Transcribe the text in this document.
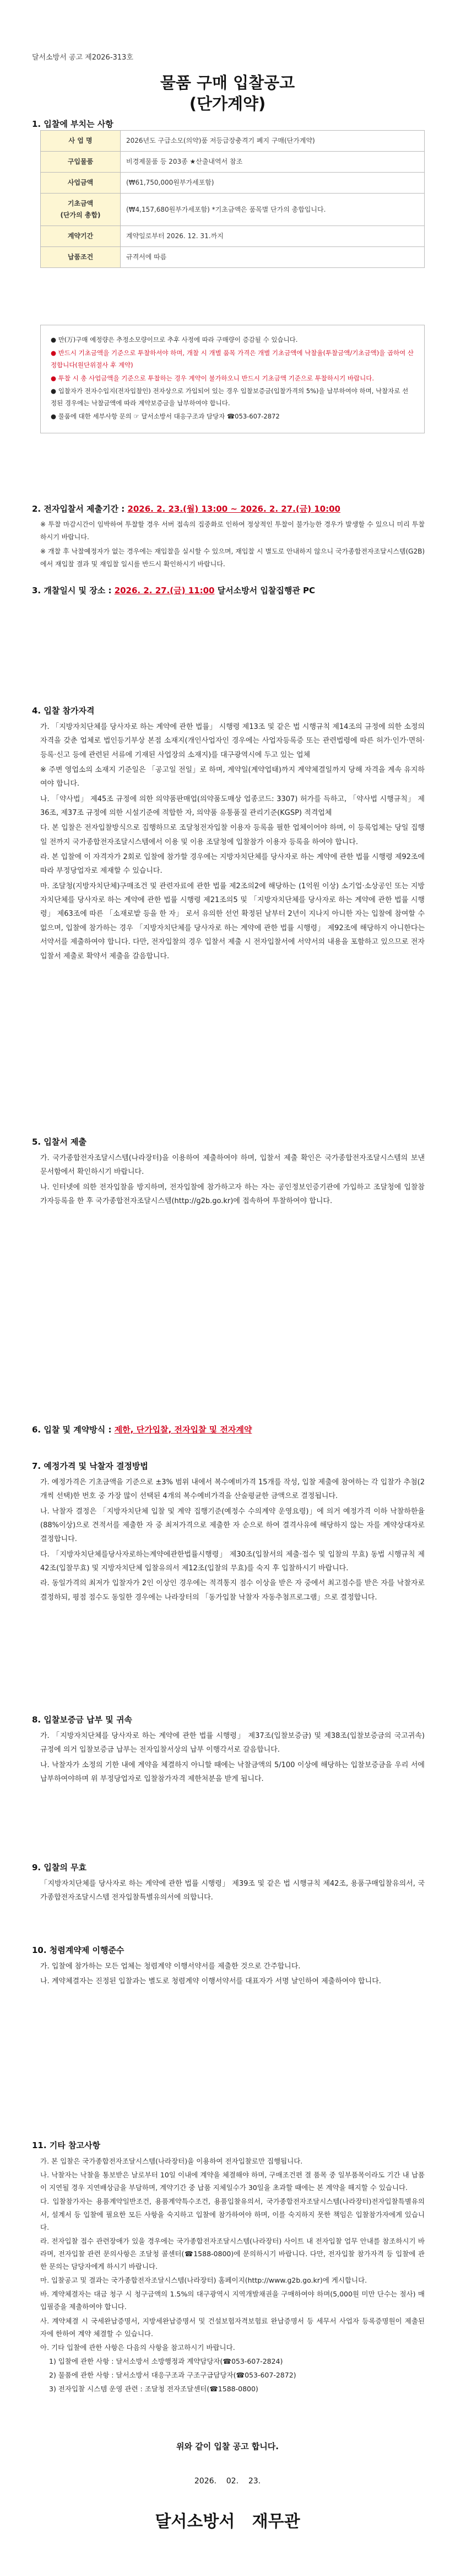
달서소방서 공고 제2026-313호
물품 구매 입찰공고
(단가계약)
1. 입찰에 부치는 사항
사 업 명	2026년도 구급소모(의약)품 저등급장충격기 폐지 구매(단가계약)
구입물품	비경제물품 등 203종 ★산출내역서 참조
사업금액	(₩61,750,000원부가세포함)
기초금액
(단가의 총합)	(₩4,157,680원부가세포함) *기초금액은 품목별 단가의 총합입니다.
계약기간	계약일로부터 2026. 12. 31.까지
납품조건	규격서에 따름

● 만(万)구매 예정량은 추정소모량이므로 추후 사정에 따라 구매량이 증감될 수 있습니다.

● 반드시 기초금액을 기준으로 투찰하셔야 하며, 개찰 시 개별 품목 가격은 개별 기초금액에 낙찰율(투찰금액/기초금액)을 곱하여 산정합니다(원단위절사 후 계약)

● 투찰 시 총 사업금액을 기준으로 투찰하는 경우 계약이 불가하오니 반드시 기초금액 기준으로 투찰하시기 바랍니다.

● 입찰자가 전자수입지(전자입찰인) 전자상으로 가입되어 있는 경우 입찰보증금(입찰가격의 5%)을 납부하여야 하며, 낙찰자로 선정된 경우에는 낙찰금액에 따라 계약보증금을 납부하여야 합니다.

● 물품에 대한 세부사항 문의 ☞ 달서소방서 대응구조과 담당자 ☎053-607-2872

2. 전자입찰서 제출기간 : 2026. 2. 23.(월) 13:00 ~ 2026. 2. 27.(금) 10:00

※ 투찰 마감시간이 임박하여 투찰할 경우 서버 접속의 집중화로 인하여 정상적인 투찰이 불가능한 경우가 발생할 수 있으니 미리 투찰하시기 바랍니다.

※ 개찰 후 낙찰예정자가 없는 경우에는 재입찰을 실시할 수 있으며, 재입찰 시 별도로 안내하지 않으니 국가종합전자조달시스템(G2B)에서 재입찰 결과 및 재입찰 일시를 반드시 확인하시기 바랍니다.

3. 개찰일시 및 장소 : 2026. 2. 27.(금) 11:00 달서소방서 입찰집행관 PC
4. 입찰 참가자격

가. 「지방자치단체를 당사자로 하는 계약에 관한 법률」 시행령 제13조 및 같은 법 시행규칙 제14조의 규정에 의한 소정의 자격을 갖춘 업체로 법인등기부상 본점 소재지(개인사업자인 경우에는 사업자등록증 또는 관련법령에 따른 허가·인가·면허·등록·신고 등에 관련된 서류에 기재된 사업장의 소재지)를 대구광역시에 두고 있는 업체

※ 주변 영업소의 소재지 기준일은 「공고일 전일」로 하며, 계약일(계약업태)까지 계약체결일까지 당해 자격을 계속 유지하여야 합니다.

나. 「약사법」 제45조 규정에 의한 의약품판매업(의약품도매상 업종코드: 3307) 허가를 득하고, 「약사법 시행규칙」 제36조, 제37조 규정에 의한 시설기준에 적합한 자, 의약품 유통품질 관리기준(KGSP) 적격업체

다. 본 입찰은 전자입찰방식으로 집행하므로 조달청전자입찰 이용자 등록을 필한 업체이어야 하며, 이 등록업체는 당일 집행일 전까지 국가종합전자조달시스템에서 이용 및 이용 조달청에 입찰참가 이용자 등록을 하여야 합니다.

라. 본 입찰에 이 자격자가 2회로 입찰에 참가할 경우에는 지방자치단체를 당사자로 하는 계약에 관한 법률 시행령 제92조에 따라 부정당업자로 제재할 수 있습니다.

마. 조달청(지방자치단체)구매조건 및 관련자료에 관한 법률 제2조의2에 해당하는 (1억원 이상) 소기업·소상공인 또는 지방자치단체를 당사자로 하는 계약에 관한 법률 시행령 제21조의5 및 「지방자치단체를 당사자로 하는 계약에 관한 법률 시행령」 제63조에 따른 「소재로밭 등을 한 자」 로서 유의한 선언 확정된 날부터 2년이 지나지 아니한 자는 입찰에 참여할 수 없으며, 입찰에 참가하는 경우 「지방자치단체를 당사자로 하는 계약에 관한 법률 시행령」 제92조에 해당하지 아니한다는 서약서를 제출하여야 합니다. 다만, 전자입찰의 경우 입찰서 제출 시 전자입찰서에 서약서의 내용을 포함하고 있으므로 전자입찰서 제출로 확약서 제출을 갈음합니다.

5. 입찰서 제출

가. 국가종합전자조달시스템(나라장터)을 이용하여 제출하여야 하며, 입찰서 제출 확인은 국가종합전자조달시스템의 보낸 문서함에서 확인하시기 바랍니다.

나. 인터넷에 의한 전자입찰을 방지하며, 전자입찰에 참가하고자 하는 자는 공인정보인증기관에 가입하고 조달청에 입찰참가자등록을 한 후 국가종합전자조달시스템(http://g2b.go.kr)에 접속하여 투찰하여야 합니다.

6. 입찰 및 계약방식 : 제한, 단가입찰, 전자입찰 및 전자계약
7. 예정가격 및 낙찰자 결정방법

가. 예정가격은 기초금액을 기준으로 ±3% 범위 내에서 복수예비가격 15개를 작성, 입찰 제출에 참여하는 각 입찰가 추첨(2개씩 선택)한 번호 중 가장 많이 선택된 4개의 복수예비가격을 산술평균한 금액으로 결정됩니다.

나. 낙찰자 결정은 「지방자치단체 입찰 및 계약 집행기준(예정수 수의계약 운영요령)」에 의거 예정가격 이하 낙찰하한율(88%이상)으로 견적서를 제출한 자 중 최저가격으로 제출한 자 순으로 하여 결격사유에 해당하지 않는 자를 계약상대자로 결정합니다.

다. 「지방자치단체를당사자로하는계약에관한법률시행령」 제30조(입찰서의 제출·접수 및 입찰의 무효) 동법 시행규칙 제42조(입찰무효) 및 지방자치단체 입찰유의서 제12조(입찰의 무효)를 숙지 후 입찰하시기 바랍니다.

라. 동일가격의 최저가 입찰자가 2인 이상인 경우에는 적격통지 점수 이상을 받은 자 중에서 최고점수를 받은 자를 낙찰자로 결정하되, 평점 점수도 동일한 경우에는 나라장터의 「동가입찰 낙찰자 자동추첨프로그램」으로 결정합니다.

8. 입찰보증금 납부 및 귀속

가. 「지방자치단체를 당사자로 하는 계약에 관한 법률 시행령」 제37조(입찰보증금) 및 제38조(입찰보증금의 국고귀속) 규정에 의거 입찰보증금 납부는 전자입찰서상의 납부 이행각서로 갈음합니다.

나. 낙찰자가 소정의 기한 내에 계약을 체결하지 아니할 때에는 낙찰금액의 5/100 이상에 해당하는 입찰보증금을 우리 서에 납부하여야하며 위 부정당업자로 입찰참가자격 제한처분을 받게 됩니다.

9. 입찰의 무효

「지방자치단체를 당사자로 하는 계약에 관한 법률 시행령」 제39조 및 같은 법 시행규칙 제42조, 용품구매입찰유의서, 국가종합전자조달시스템 전자입찰특별유의서에 의합니다.

10. 청렴계약제 이행준수

가. 입찰에 참가하는 모든 업체는 청렴계약 이행서약서를 제출한 것으로 간주합니다.

나. 계약체결자는 진정된 입찰과는 별도로 청렴계약 이행서약서를 대표자가 서명 날인하여 제출하여야 합니다.

11. 기타 참고사항

가. 본 입찰은 국가종합전자조달시스템(나라장터)을 이용하여 전자입찰로만 집행됩니다.

나. 낙찰자는 낙찰을 통보받은 날로부터 10일 이내에 계약을 체결해야 하며, 구매조건편 결 품목 중 일부품목이라도 기간 내 납품이 지연될 경우 지연배상금을 부담하며, 계약기간 중 납품 지체일수가 30일을 초과할 때에는 본 계약을 해지할 수 있습니다.

다. 입찰참가자는 용품계약일반조건, 용품계약특수조건, 용품입찰유의서, 국가종합전자조달시스템(나라장터)전자입찰특별유의서, 설계서 등 입찰에 필요한 모든 사항을 숙지하고 입찰에 참가하여야 하며, 이를 숙지하지 못한 책임은 입찰참가자에게 있습니다.

라. 전자입찰 접수 관련장애가 있을 경우에는 국가종합전자조달시스템(나라장터) 사이트 내 전자입찰 업무 안내를 참조하시기 바라며, 전자입찰 관련 문의사항은 조달청 콜센터(☎1588-0800)에 문의하시기 바랍니다. 다만, 전자입찰 참가자격 등 입찰에 관한 문의는 담당자에게 하시기 바랍니다.

마. 입찰공고 및 결과는 국가종합전자조달시스템(나라장터) 홈페이지(http://www.g2b.go.kr)에 게시합니다.

바. 계약체결자는 대금 청구 시 청구금액의 1.5%의 대구광역시 지역개발채권을 구매하여야 하며(5,000원 미만 단수는 절사) 매입필증을 제출하여야 합니다.

사. 계약체결 시 국세완납증명서, 지방세완납증명서 및 건설보험자격보험료 완납증명서 등 세무서 사업자 등록증명원이 제출된 자에 한하여 계약 체결할 수 있습니다.

아. 기타 입찰에 관한 사항은 다음의 사항을 참고하시기 바랍니다.

1) 입찰에 관한 사항 : 달서소방서 소방행정과 계약담당자(☎053-607-2824)

2) 물품에 관한 사항 : 달서소방서 대응구조과 구조구급담당자(☎053-607-2872)

3) 전자입찰 시스템 운영 관련 : 조달청 전자조달센터(☎1588-0800)

위와 같이 입찰 공고 합니다.
2026.    02.    23.
달서소방서   재무관
